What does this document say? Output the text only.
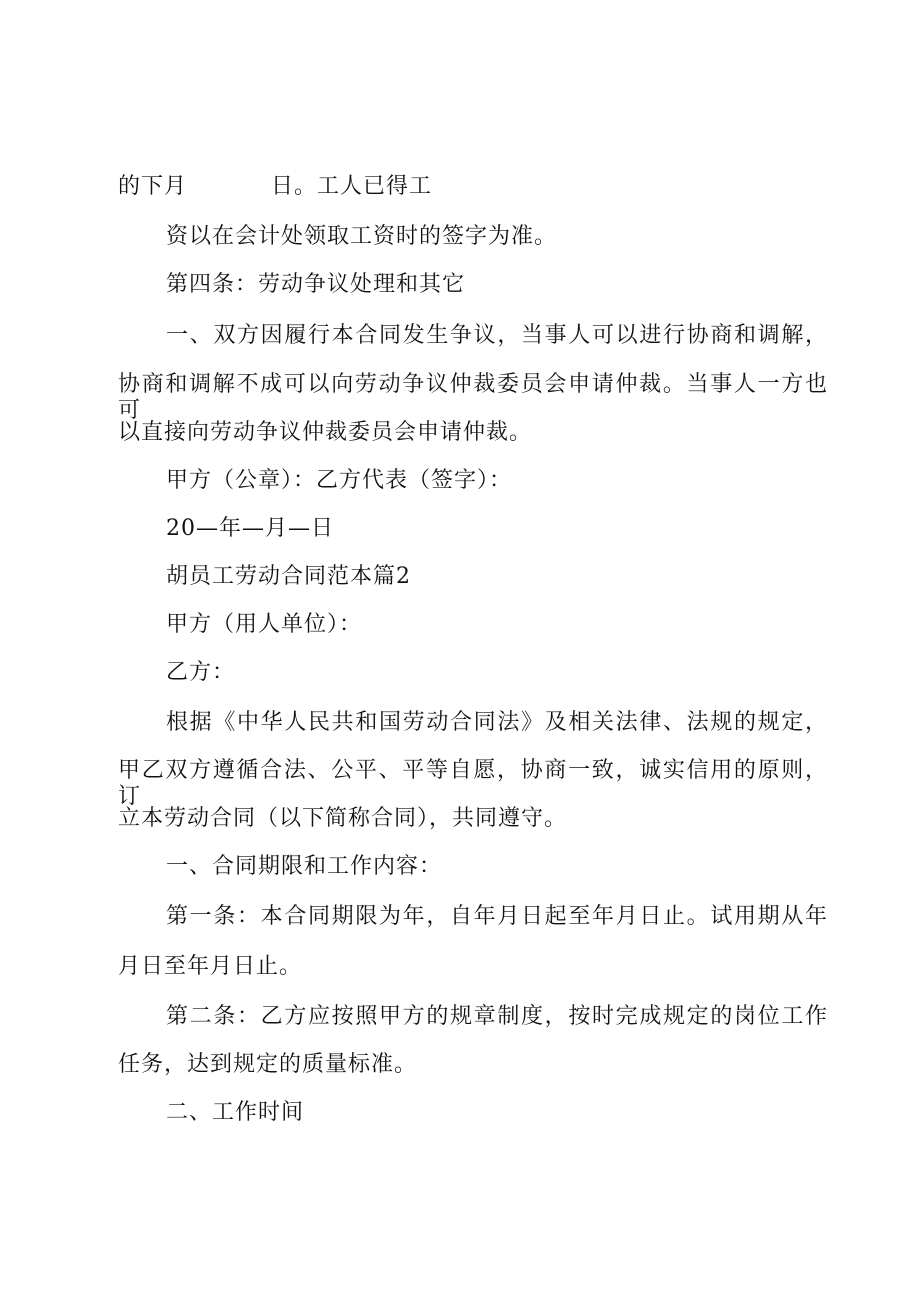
的下月	日。工人已得工
资以在会计处领取工资时的签字为准。
第四条：劳动争议处理和其它
一、双方因履行本合同发生争议，当事人可以进行协商和调解，
协商和调解不成可以向劳动争议仲裁委员会申请仲裁。当事人一方也可
以直接向劳动争议仲裁委员会申请仲裁。
甲方（公章）：乙方代表（签字）：
20—年—月—日
胡员工劳动合同范本篇2
甲方（用人单位）：
乙方：
根据《中华人民共和国劳动合同法》及相关法律、法规的规定，
甲乙双方遵循合法、公平、平等自愿，协商一致，诚实信用的原则，订
立本劳动合同（以下简称合同），共同遵守。
一、合同期限和工作内容：
第一条：本合同期限为年，自年月日起至年月日止。试用期从年
月日至年月日止。
第二条：乙方应按照甲方的规章制度，按时完成规定的岗位工作
任务，达到规定的质量标准。
二、工作时间
